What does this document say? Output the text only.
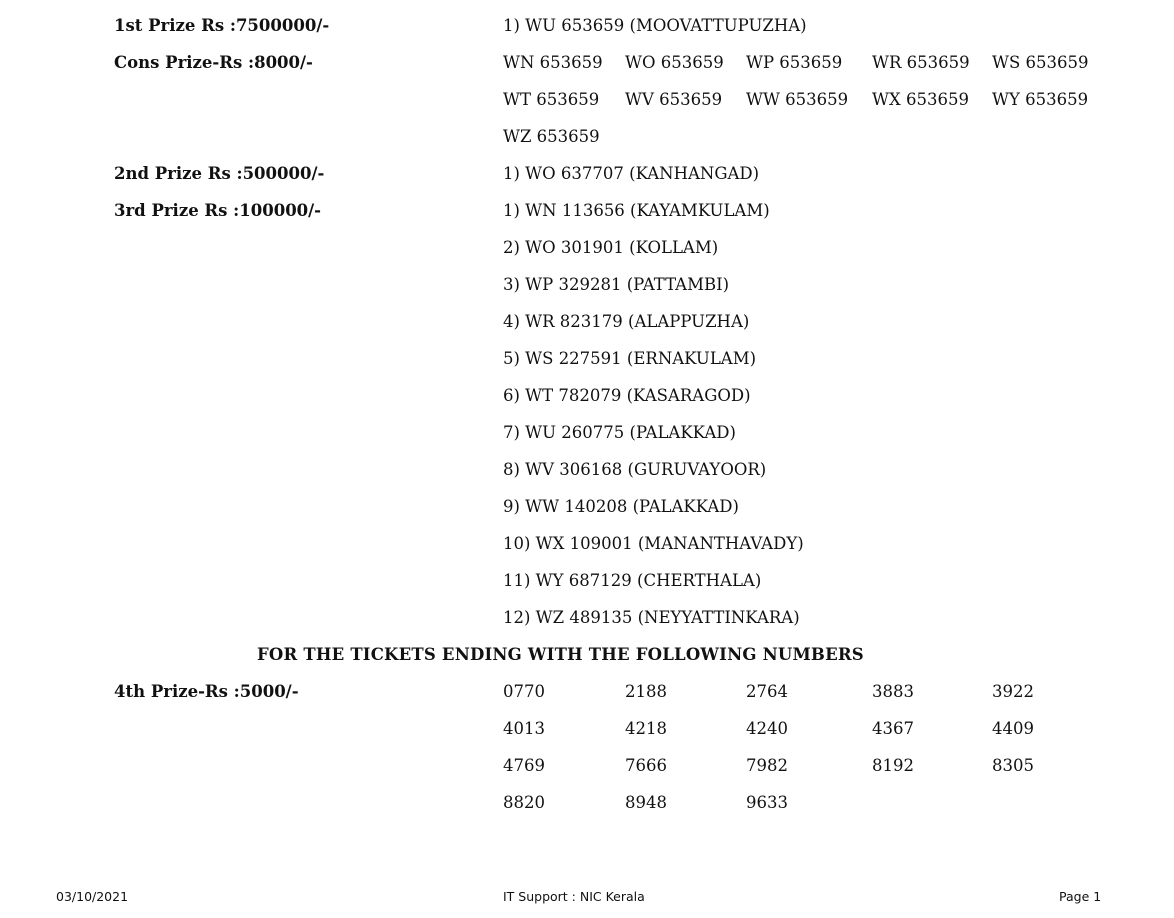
1st Prize Rs :7500000/-	1) WU 653659 (MOOVATTUPUZHA)
Cons Prize-Rs :8000/-	WN 653659 WO 653659 WP 653659 WR 653659 WS 653659
WT 653659 WV 653659 WW 653659 WX 653659 WY 653659
WZ 653659
2nd Prize Rs :500000/-	1) WO 637707 (KANHANGAD)
3rd Prize Rs :100000/-	1) WN 113656 (KAYAMKULAM)
2) WO 301901 (KOLLAM)
3) WP 329281 (PATTAMBI)
4) WR 823179 (ALAPPUZHA)
5) WS 227591 (ERNAKULAM)
6) WT 782079 (KASARAGOD)
7) WU 260775 (PALAKKAD)
8) WV 306168 (GURUVAYOOR)
9) WW 140208 (PALAKKAD)
10) WX 109001 (MANANTHAVADY)
11) WY 687129 (CHERTHALA)
12) WZ 489135 (NEYYATTINKARA)
FOR THE TICKETS ENDING WITH THE FOLLOWING NUMBERS
4th Prize-Rs :5000/-	0770	2188	2764	3883	3922
4013	4218	4240	4367	4409
4769	7666	7982	8192	8305
8820	8948	9633
03/10/2021	IT Support : NIC Kerala	Page 1
